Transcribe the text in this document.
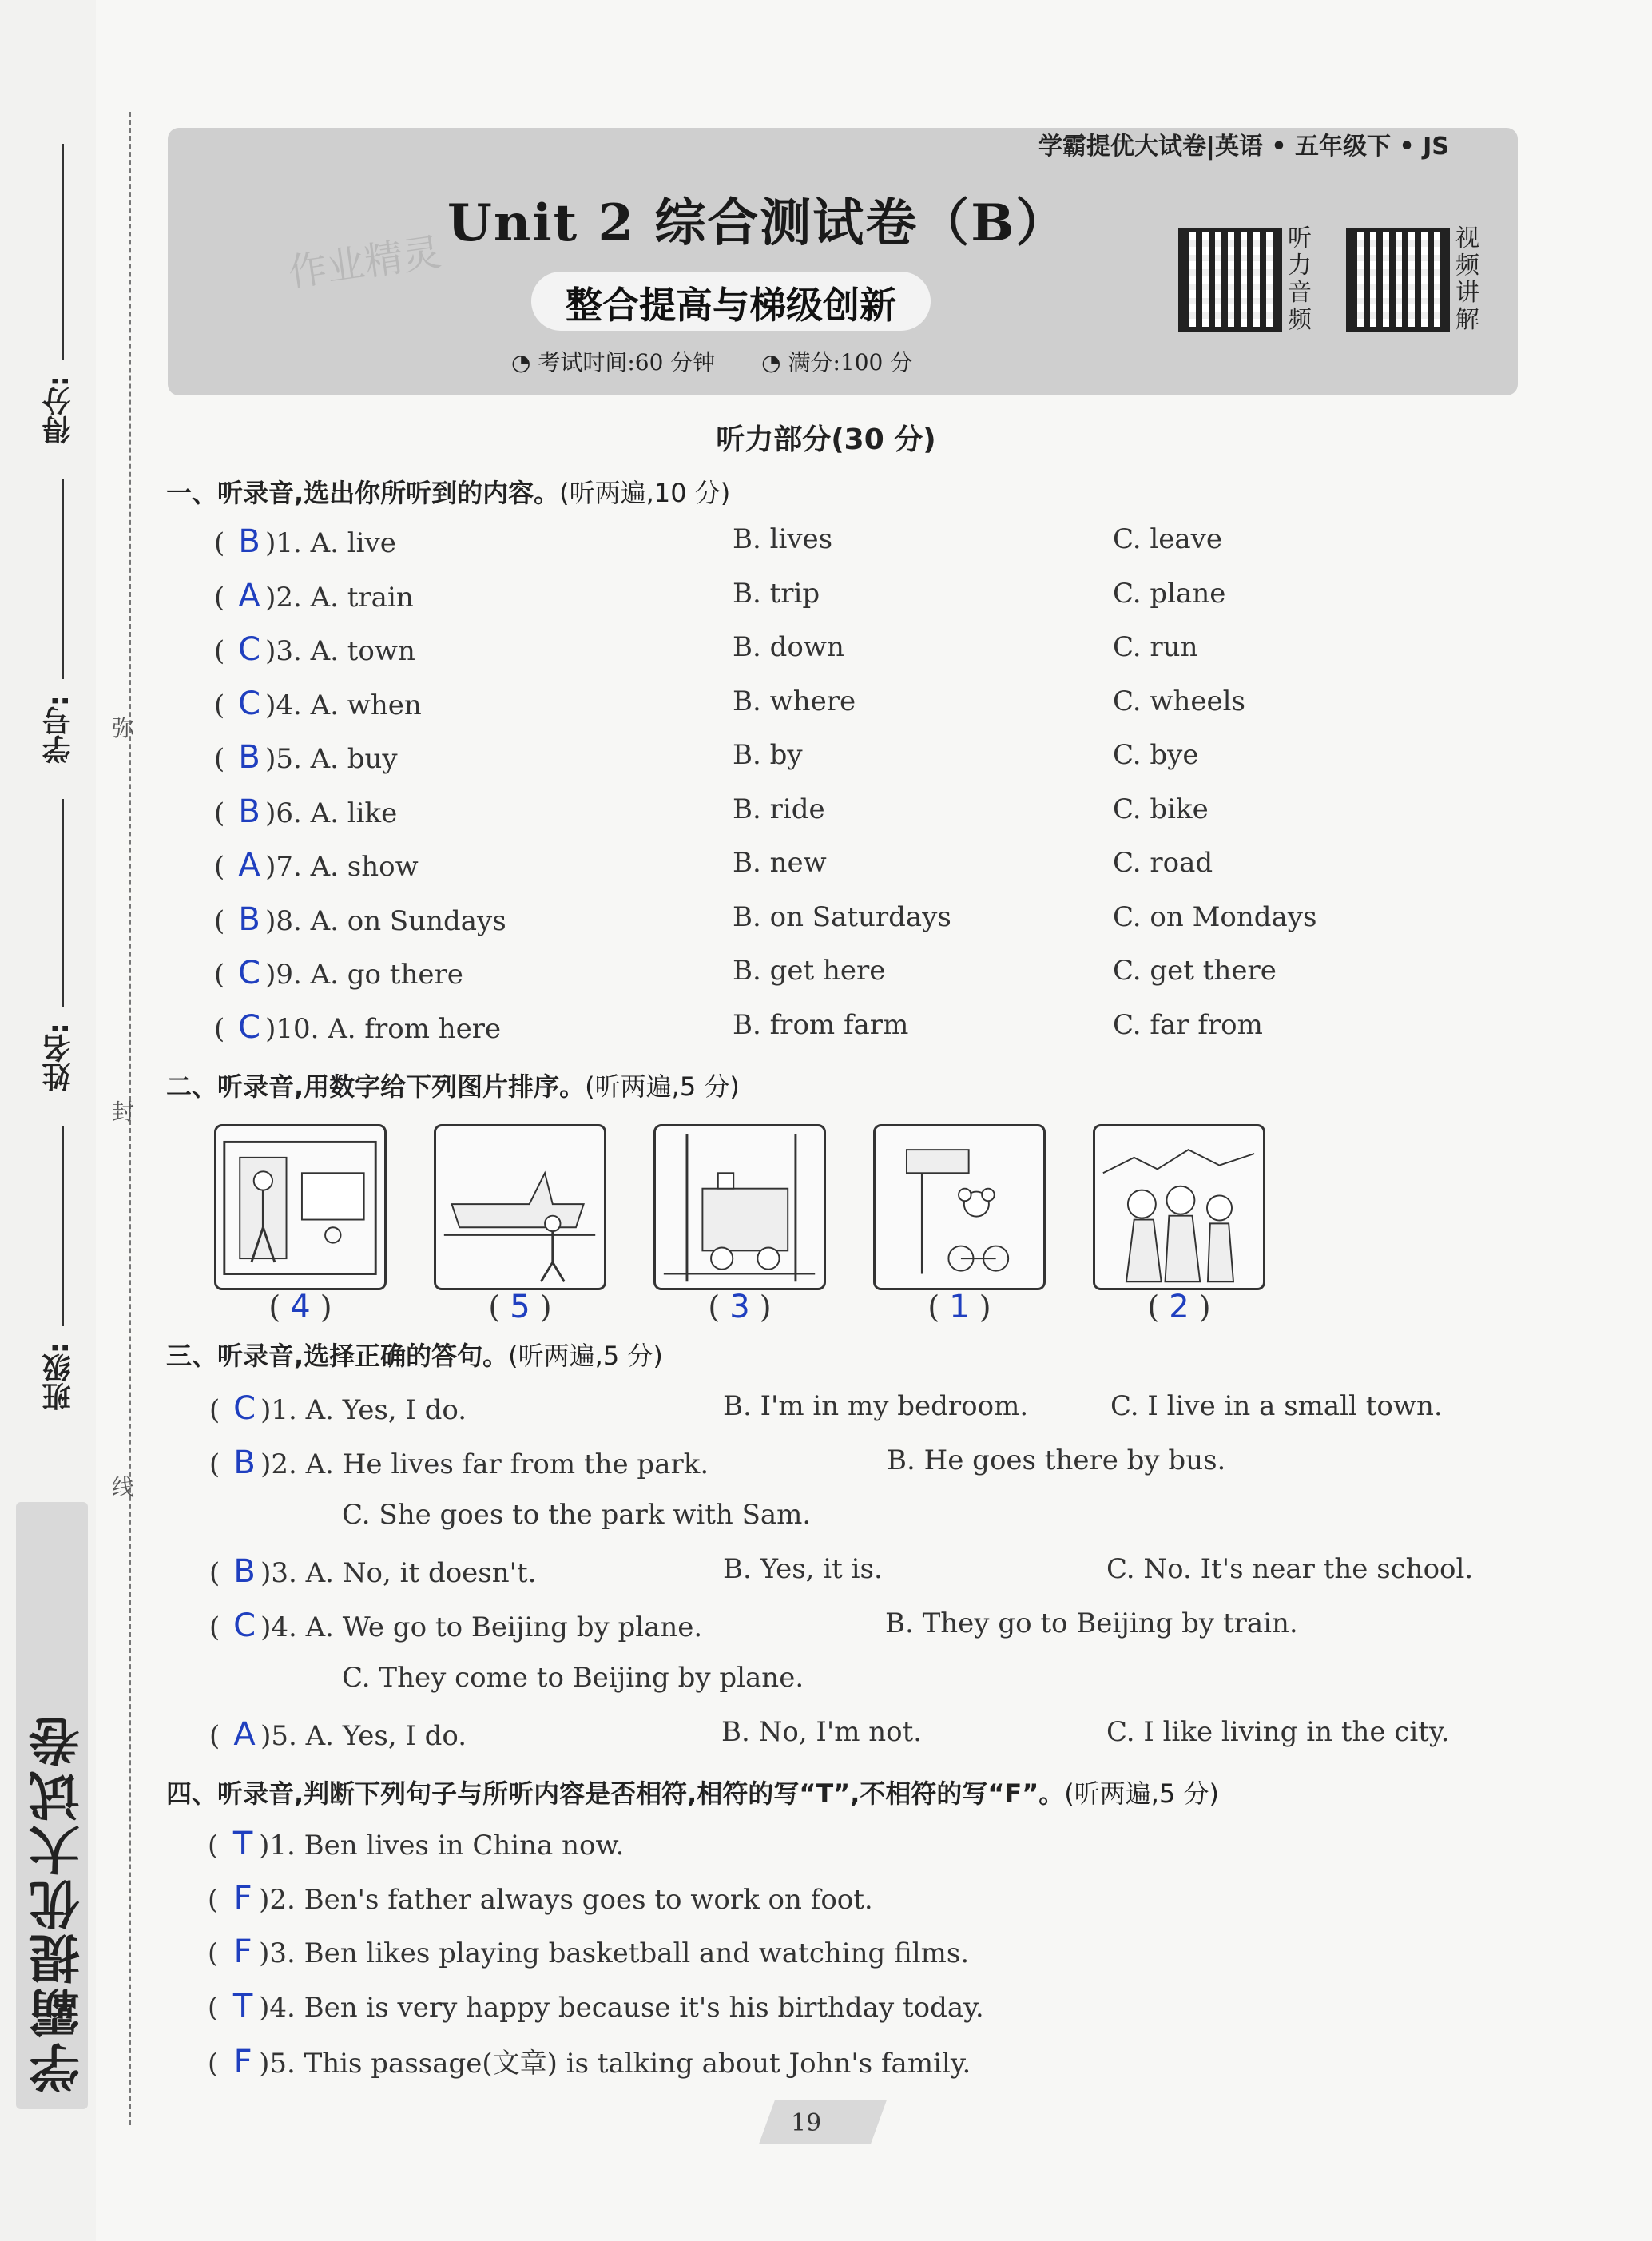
弥
封
线
得分:
学号:
姓名:
班级:
学霸提优大试卷
学霸提优大试卷|英语 • 五年级下 • JS
作业精灵
Unit 2 综合测试卷（B）
整合提高与梯级创新
◔ 考试时间:60 分钟 ◔ 满分:100 分
听力音频
视频讲解
听力部分(30 分)
一、听录音,选出你所听到的内容。(听两遍,10 分)
( B )1. A. live	B. lives	C. leave
( A )2. A. train	B. trip	C. plane
( C )3. A. town	B. down	C. run
( C )4. A. when	B. where	C. wheels
( B )5. A. buy	B. by	C. bye
( B )6. A. like	B. ride	C. bike
( A )7. A. show	B. new	C. road
( B )8. A. on Sundays	B. on Saturdays	C. on Mondays
( C )9. A. go there	B. get here	C. get there
( C )10. A. from here	B. from farm	C. far from
二、听录音,用数字给下列图片排序。(听两遍,5 分)
( 4 )	( 5 )	( 3 )	( 1 )	( 2 )
三、听录音,选择正确的答句。(听两遍,5 分)
( C )1. A. Yes, I do.	B. I'm in my bedroom.	C. I live in a small town.
( B )2. A. He lives far from the park.	B. He goes there by bus.
C. She goes to the park with Sam.
( B )3. A. No, it doesn't.	B. Yes, it is.	C. No. It's near the school.
( C )4. A. We go to Beijing by plane.	B. They go to Beijing by train.
C. They come to Beijing by plane.
( A )5. A. Yes, I do.	B. No, I'm not.	C. I like living in the city.
四、听录音,判断下列句子与所听内容是否相符,相符的写“T”,不相符的写“F”。(听两遍,5 分)
( T )1. Ben lives in China now.
( F )2. Ben's father always goes to work on foot.
( F )3. Ben likes playing basketball and watching films.
( T )4. Ben is very happy because it's his birthday today.
( F )5. This passage(文章) is talking about John's family.
19
